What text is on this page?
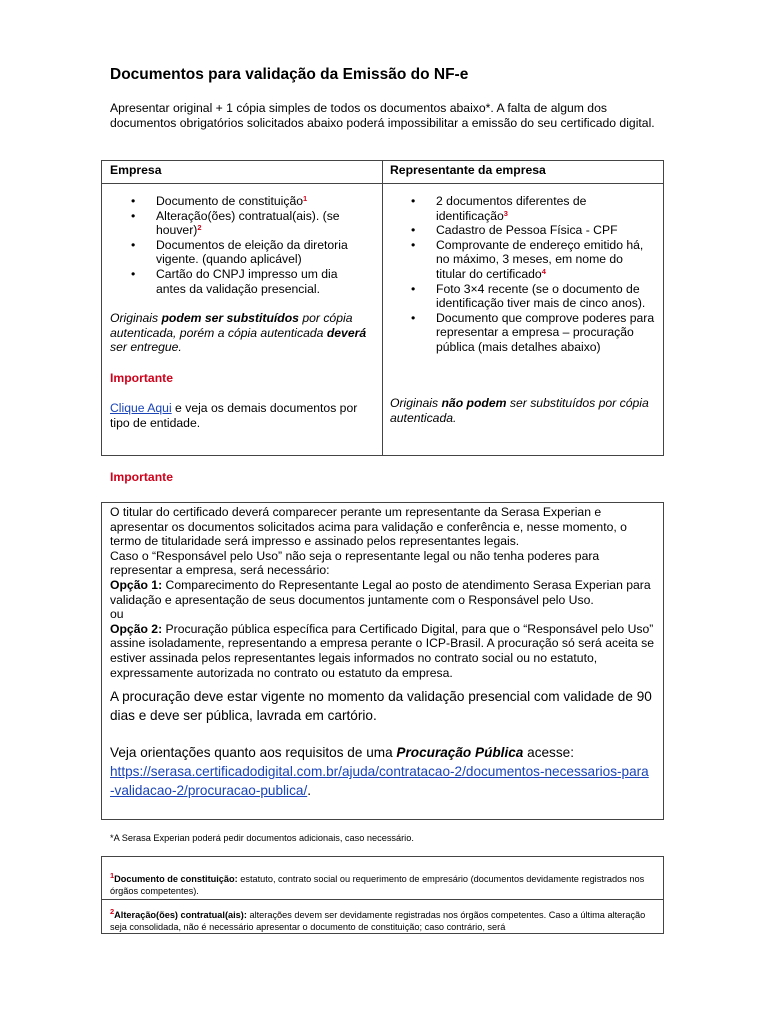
Documentos para validação da Emissão do NF-e
Apresentar original + 1 cópia simples de todos os documentos abaixo*. A falta de algum dos documentos obrigatórios solicitados abaixo poderá impossibilitar a emissão do seu certificado digital.
Empresa	Representante da empresa
• Documento de constituição$^1$
• Alteração(ões) contratual(ais). (se houver)$^2$
• Documentos de eleição da diretoria vigente. (quando aplicável)
• Cartão do CNPJ impresso um dia antes da validação presencial.
Originais podem ser substituídos por cópia autenticada, porém a cópia autenticada deverá ser entregue.
Importante
Clique Aqui e veja os demais documentos por tipo de entidade.
• 2 documentos diferentes de identificação$^3$
• Cadastro de Pessoa Física - CPF
• Comprovante de endereço emitido há, no máximo, 3 meses, em nome do titular do certificado$^4$
• Foto 3×4 recente (se o documento de identificação tiver mais de cinco anos).
• Documento que comprove poderes para representar a empresa – procuração pública (mais detalhes abaixo)
Originais não podem ser substituídos por cópia autenticada.
Importante
O titular do certificado deverá comparecer perante um representante da Serasa Experian e apresentar os documentos solicitados acima para validação e conferência e, nesse momento, o termo de titularidade será impresso e assinado pelos representantes legais.
Caso o “Responsável pelo Uso” não seja o representante legal ou não tenha poderes para representar a empresa, será necessário:
Opção 1: Comparecimento do Representante Legal ao posto de atendimento Serasa Experian para validação e apresentação de seus documentos juntamente com o Responsável pelo Uso.
ou
Opção 2: Procuração pública específica para Certificado Digital, para que o “Responsável pelo Uso” assine isoladamente, representando a empresa perante o ICP-Brasil. A procuração só será aceita se estiver assinada pelos representantes legais informados no contrato social ou no estatuto, expressamente autorizada no contrato ou estatuto da empresa.
A procuração deve estar vigente no momento da validação presencial com validade de 90 dias e deve ser pública, lavrada em cartório.
Veja orientações quanto aos requisitos de uma Procuração Pública acesse:
https://serasa.certificadodigital.com.br/ajuda/contratacao-2/documentos-necessarios-para-validacao-2/procuracao-publica/.
*A Serasa Experian poderá pedir documentos adicionais, caso necessário.
$^1$Documento de constituição: estatuto, contrato social ou requerimento de empresário (documentos devidamente registrados nos órgãos competentes).
$^2$Alteração(ões) contratual(ais): alterações devem ser devidamente registradas nos órgãos competentes. Caso a última alteração seja consolidada, não é necessário apresentar o documento de constituição; caso contrário, será
